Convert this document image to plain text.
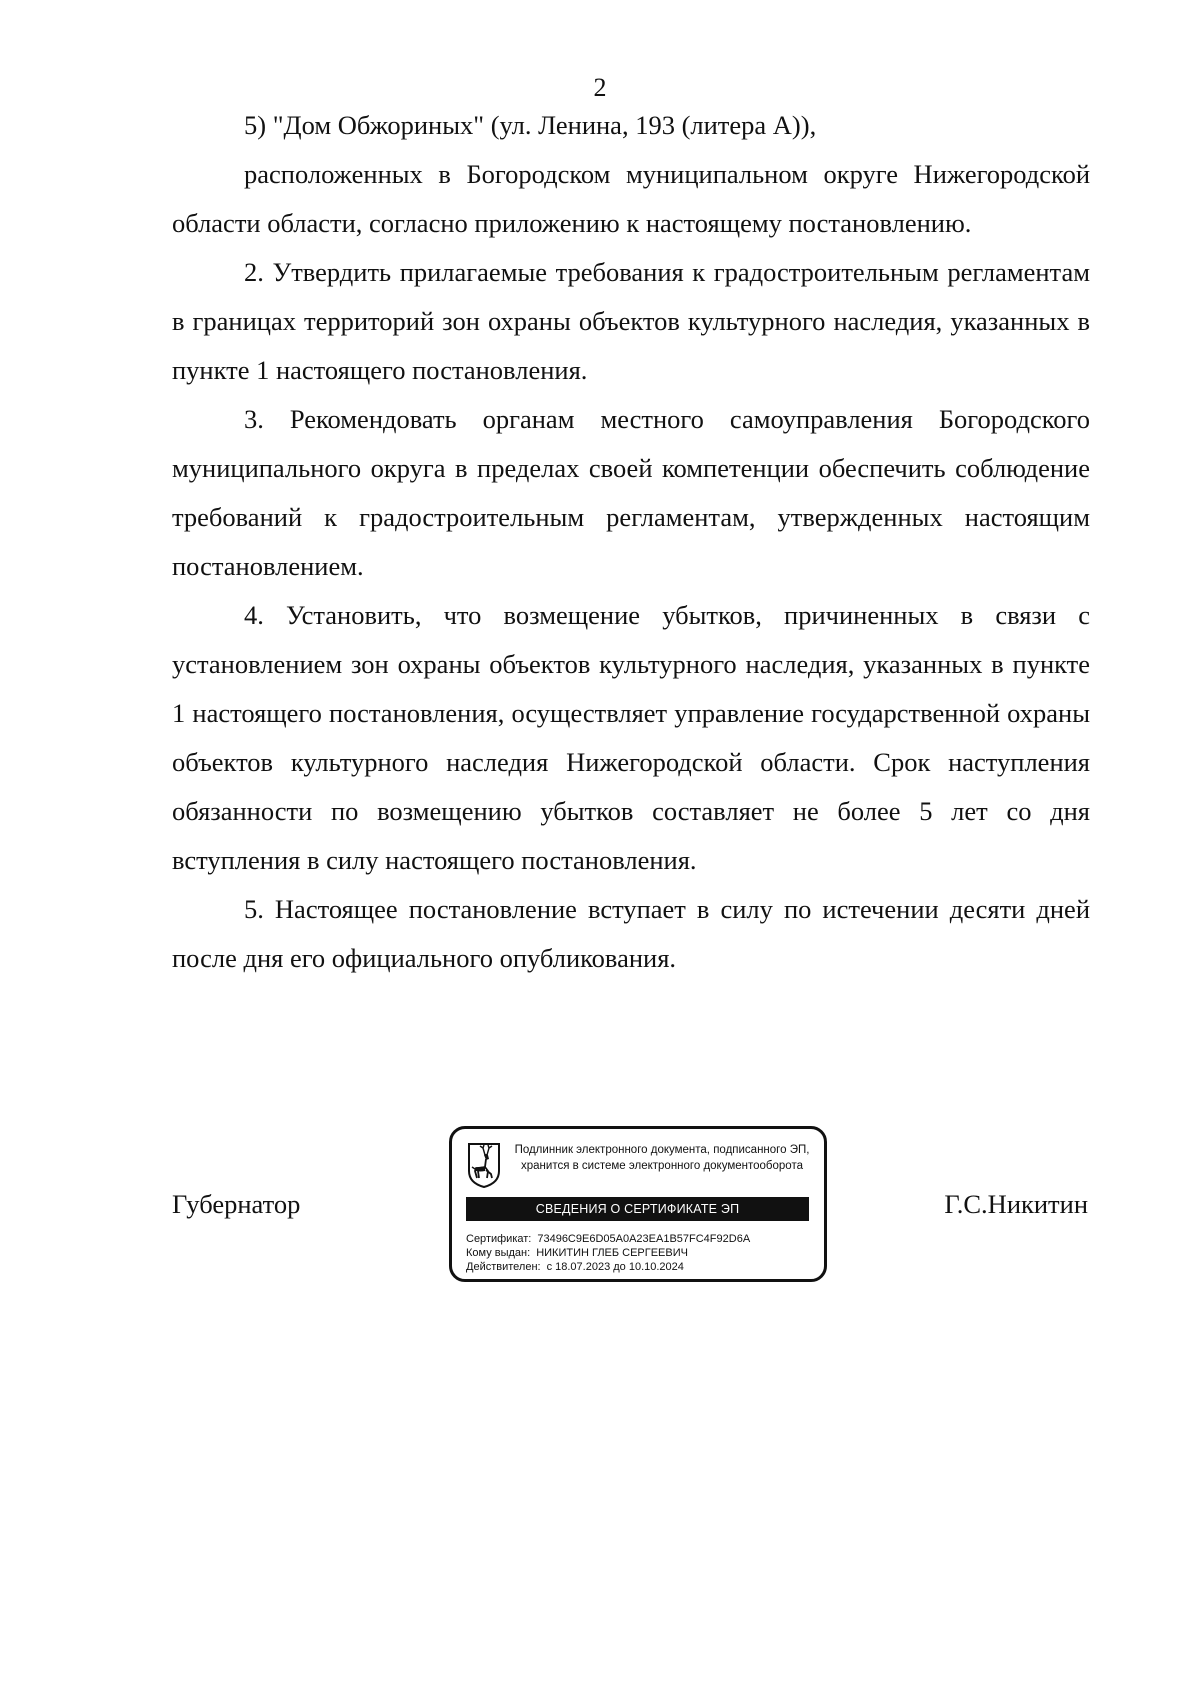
2

5) "Дом Обжориных" (ул. Ленина, 193 (литера А)),

расположенных в Богородском муниципальном округе Нижегородской области области, согласно приложению к настоящему постановлению.

2. Утвердить прилагаемые требования к градостроительным регламентам в границах территорий зон охраны объектов культурного наследия, указанных в пункте 1 настоящего постановления.

3. Рекомендовать органам местного самоуправления Богородского муниципального округа в пределах своей компетенции обеспечить соблюдение требований к градостроительным регламентам, утвержденных настоящим постановлением.

4. Установить, что возмещение убытков, причиненных в связи с установлением зон охраны объектов культурного наследия, указанных в пункте 1 настоящего постановления, осуществляет управление государственной охраны объектов культурного наследия Нижегородской области. Срок наступления обязанности по возмещению убытков составляет не более 5 лет со дня вступления в силу настоящего постановления.

5. Настоящее постановление вступает в силу по истечении десяти дней после дня его официального опубликования.

Губернатор
Подлинник электронного документа, подписанного ЭП,
хранится в системе электронного документооборота
СВЕДЕНИЯ О СЕРТИФИКАТЕ ЭП
Сертификат: 73496C9E6D05A0A23EA1B57FC4F92D6A
Кому выдан: НИКИТИН ГЛЕБ СЕРГЕЕВИЧ
Действителен: с 18.07.2023 до 10.10.2024
Г.С.Никитин
